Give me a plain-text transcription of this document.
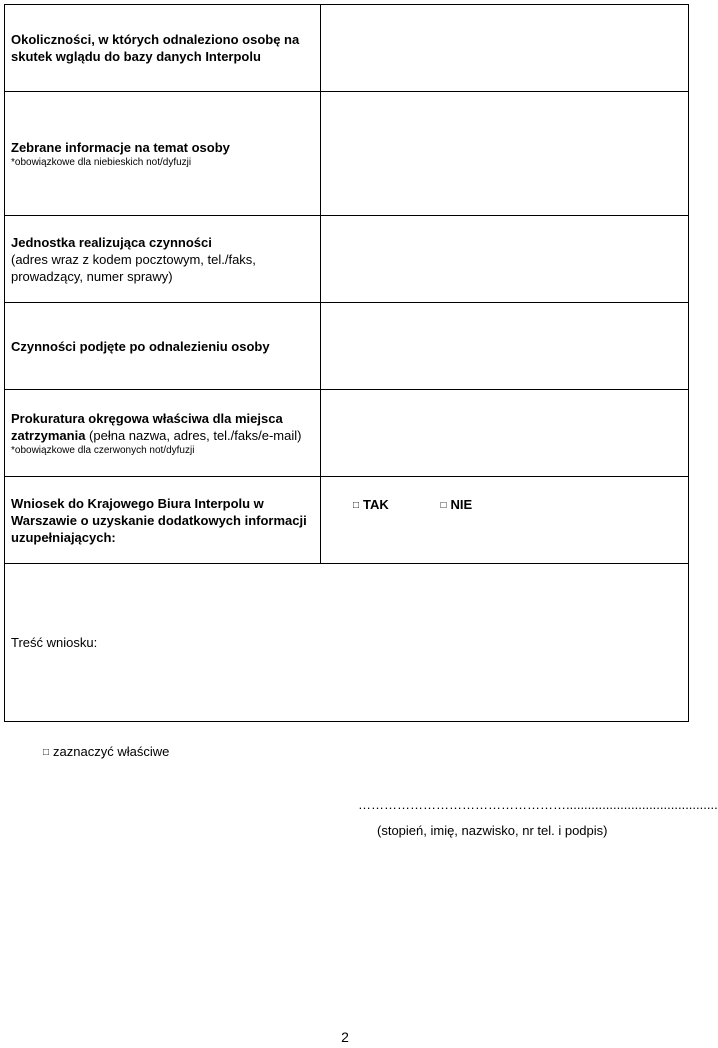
Okoliczności, w których odnaleziono osobę na skutek wglądu do bazy danych Interpolu	

Zebrane informacje na temat osoby
*obowiązkowe dla niebieskich not/dyfuzji	

Jednostka realizująca czynności
(adres wraz z kodem pocztowym, tel./faks, prowadzący, numer sprawy)	

Czynności podjęte po odnalezieniu osoby	
Prokuratura okręgowa właściwa dla miejsca zatrzymania (pełna nazwa, adres, tel./faks/e-mail)
*obowiązkowe dla czerwonych not/dyfuzji	

Wniosek do Krajowego Biura Interpolu w Warszawie o uzyskanie dodatkowych informacji uzupełniających:	□ TAK □ NIE
Treść wniosku:	
□ zaznaczyć właściwe
…………………………………………..........................................
(stopień, imię, nazwisko, nr tel. i podpis)
2
